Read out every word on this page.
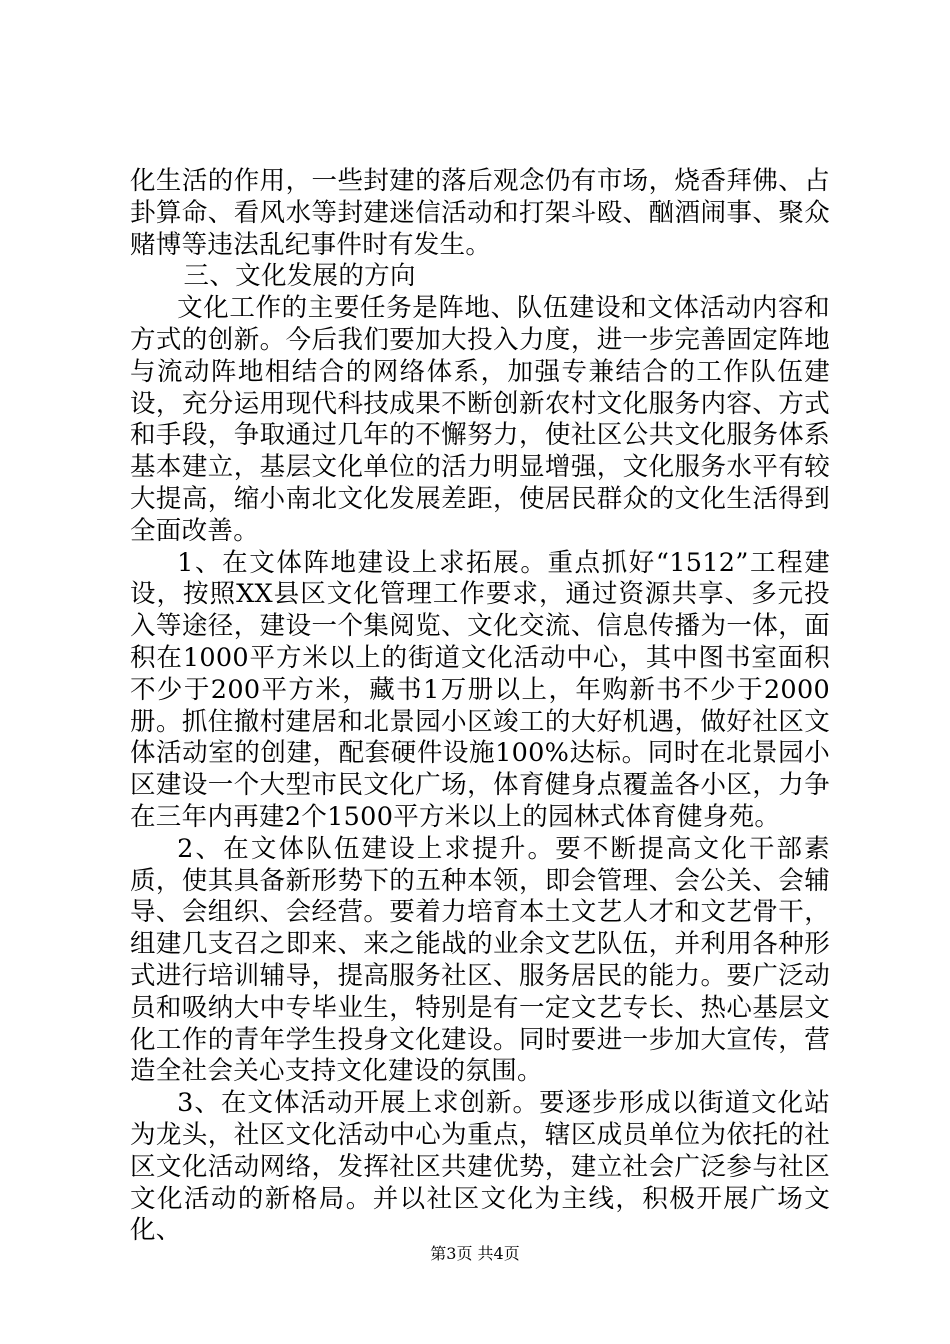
化生活的作用，一些封建的落后观念仍有市场，烧香拜佛、占卦算命、看风水等封建迷信活动和打架斗殴、酗酒闹事、聚众赌博等违法乱纪事件时有发生。

三、文化发展的方向

文化工作的主要任务是阵地、队伍建设和文体活动内容和方式的创新。今后我们要加大投入力度，进一步完善固定阵地与流动阵地相结合的网络体系，加强专兼结合的工作队伍建设，充分运用现代科技成果不断创新农村文化服务内容、方式和手段，争取通过几年的不懈努力，使社区公共文化服务体系基本建立，基层文化单位的活力明显增强，文化服务水平有较大提高，缩小南北文化发展差距，使居民群众的文化生活得到全面改善。

1、在文体阵地建设上求拓展。重点抓好“1512”工程建设，按照XX县区文化管理工作要求，通过资源共享、多元投入等途径，建设一个集阅览、文化交流、信息传播为一体，面积在1000平方米以上的街道文化活动中心，其中图书室面积不少于200平方米，藏书1万册以上，年购新书不少于2000册。抓住撤村建居和北景园小区竣工的大好机遇，做好社区文体活动室的创建，配套硬件设施100%达标。同时在北景园小区建设一个大型市民文化广场，体育健身点覆盖各小区，力争在三年内再建2个1500平方米以上的园林式体育健身苑。

2、在文体队伍建设上求提升。要不断提高文化干部素质，使其具备新形势下的五种本领，即会管理、会公关、会辅导、会组织、会经营。要着力培育本土文艺人才和文艺骨干，组建几支召之即来、来之能战的业余文艺队伍，并利用各种形式进行培训辅导，提高服务社区、服务居民的能力。要广泛动员和吸纳大中专毕业生，特别是有一定文艺专长、热心基层文化工作的青年学生投身文化建设。同时要进一步加大宣传，营造全社会关心支持文化建设的氛围。

3、在文体活动开展上求创新。要逐步形成以街道文化站为龙头，社区文化活动中心为重点，辖区成员单位为依托的社区文化活动网络，发挥社区共建优势，建立社会广泛参与社区文化活动的新格局。并以社区文化为主线，积极开展广场文化、

第3页 共4页
